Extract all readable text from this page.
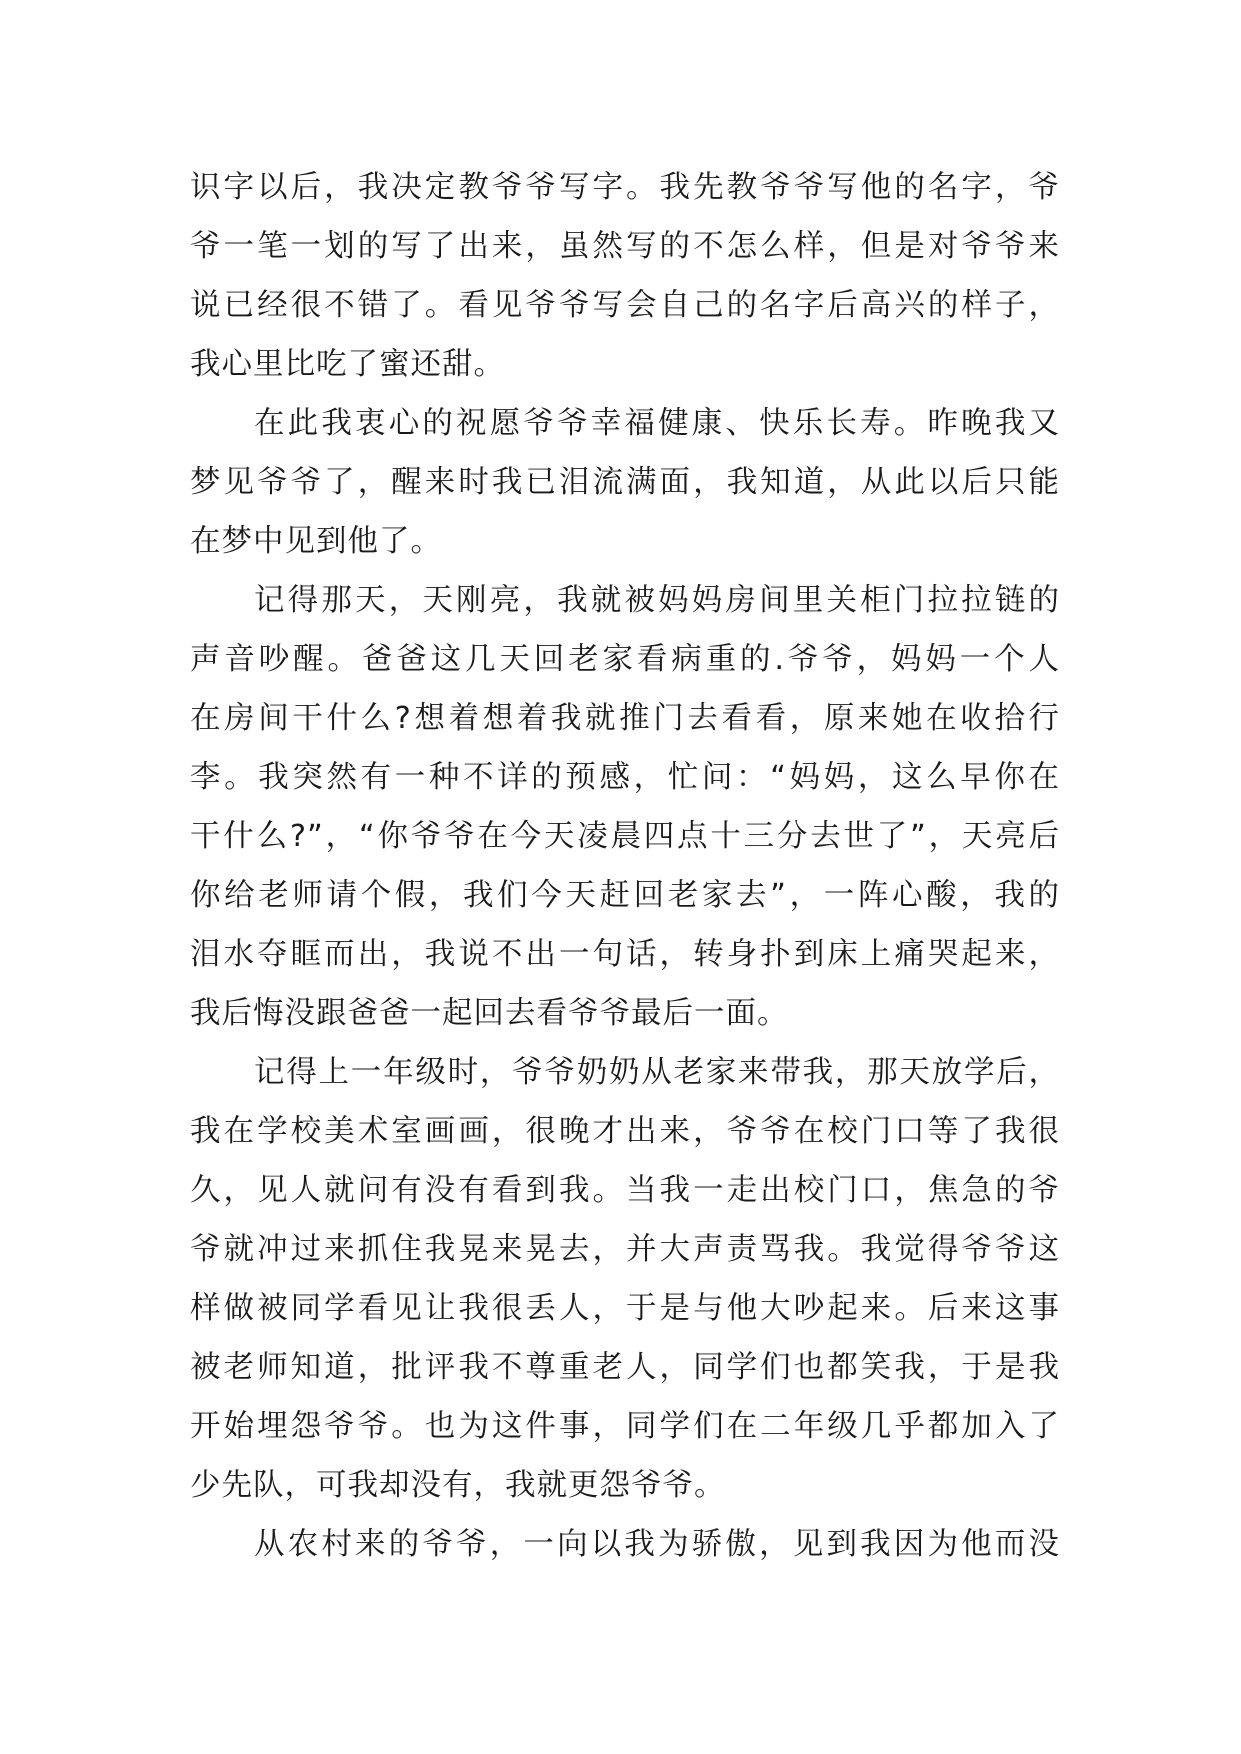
识字以后，我决定教爷爷写字。我先教爷爷写他的名字，爷
爷一笔一划的写了出来，虽然写的不怎么样，但是对爷爷来
说已经很不错了。看见爷爷写会自己的名字后高兴的样子，
我心里比吃了蜜还甜。
在此我衷心的祝愿爷爷幸福健康、快乐长寿。昨晚我又
梦见爷爷了，醒来时我已泪流满面，我知道，从此以后只能
在梦中见到他了。
记得那天，天刚亮，我就被妈妈房间里关柜门拉拉链的
声音吵醒。爸爸这几天回老家看病重的.爷爷，妈妈一个人
在房间干什么?想着想着我就推门去看看，原来她在收拾行
李。我突然有一种不详的预感，忙问：“妈妈，这么早你在
干什么?”，“你爷爷在今天凌晨四点十三分去世了”，天亮后
你给老师请个假，我们今天赶回老家去”，一阵心酸，我的
泪水夺眶而出，我说不出一句话，转身扑到床上痛哭起来，
我后悔没跟爸爸一起回去看爷爷最后一面。
记得上一年级时，爷爷奶奶从老家来带我，那天放学后，
我在学校美术室画画，很晚才出来，爷爷在校门口等了我很
久，见人就问有没有看到我。当我一走出校门口，焦急的爷
爷就冲过来抓住我晃来晃去，并大声责骂我。我觉得爷爷这
样做被同学看见让我很丢人，于是与他大吵起来。后来这事
被老师知道，批评我不尊重老人，同学们也都笑我，于是我
开始埋怨爷爷。也为这件事，同学们在二年级几乎都加入了
少先队，可我却没有，我就更怨爷爷。
从农村来的爷爷，一向以我为骄傲，见到我因为他而没
